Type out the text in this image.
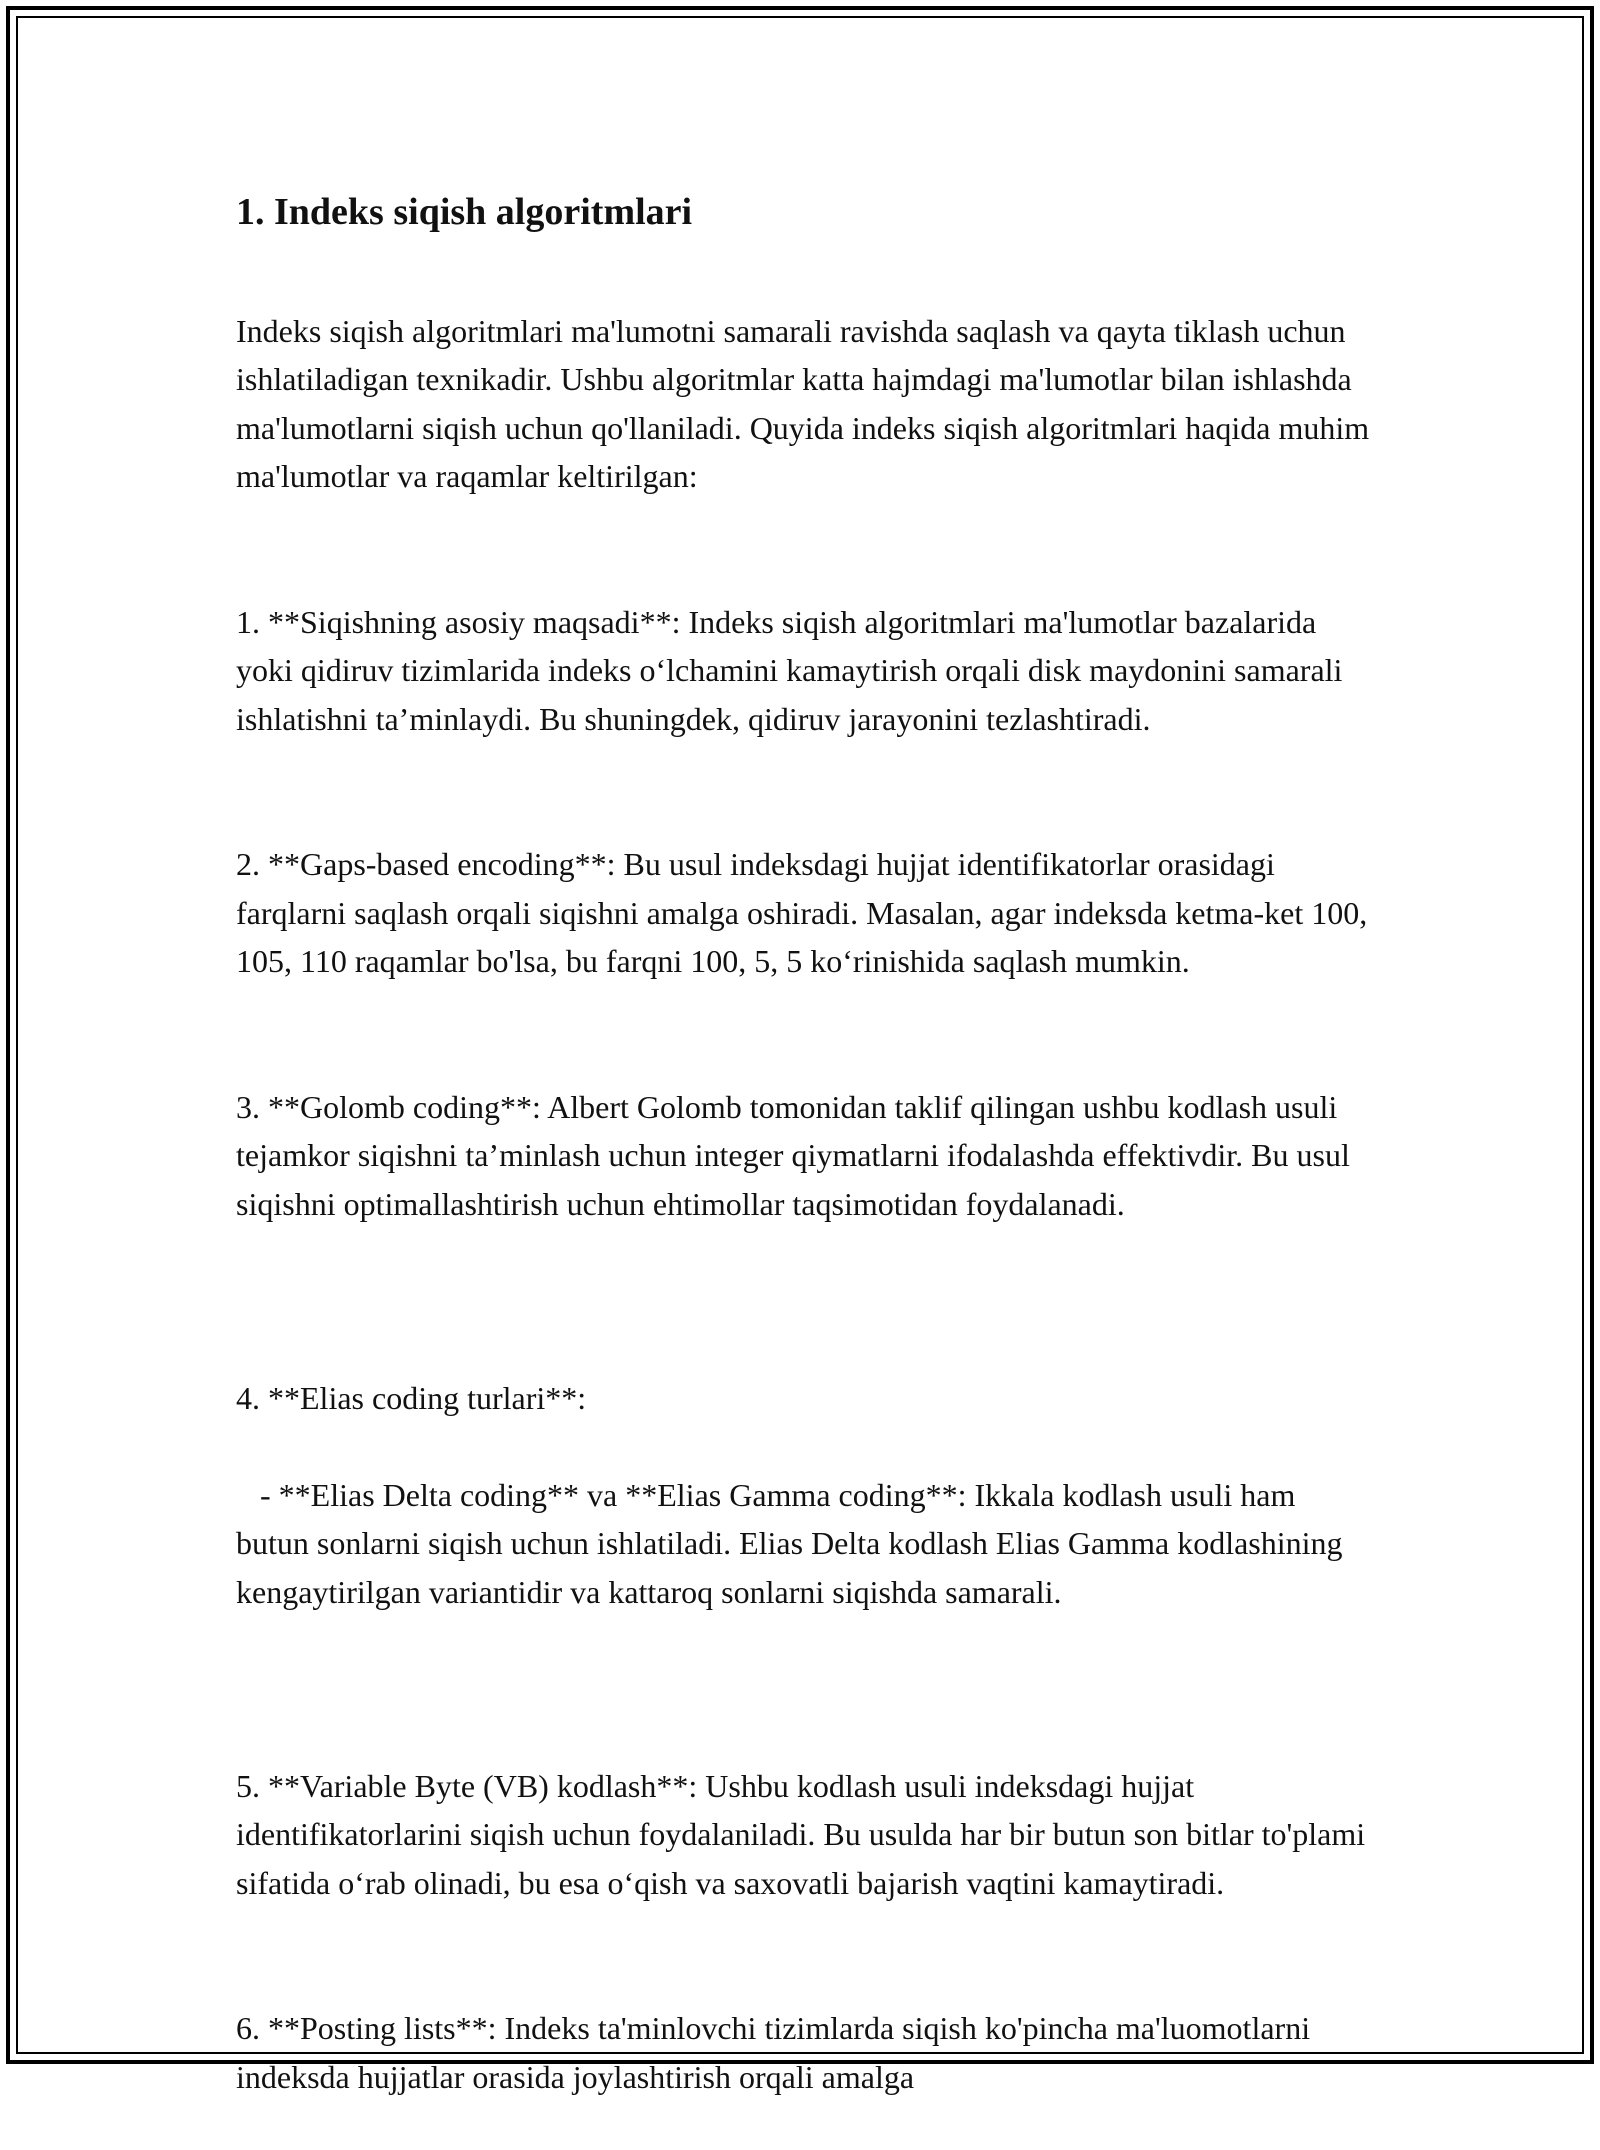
1. Indeks siqish algoritmlari

Indeks siqish algoritmlari ma'lumotni samarali ravishda saqlash va qayta tiklash uchun ishlatiladigan texnikadir. Ushbu algoritmlar katta hajmdagi ma'lumotlar bilan ishlashda ma'lumotlarni siqish uchun qo'llaniladi. Quyida indeks siqish algoritmlari haqida muhim ma'lumotlar va raqamlar keltirilgan:

1. **Siqishning asosiy maqsadi**: Indeks siqish algoritmlari ma'lumotlar bazalarida yoki qidiruv tizimlarida indeks o‘lchamini kamaytirish orqali disk maydonini samarali ishlatishni ta’minlaydi. Bu shuningdek, qidiruv jarayonini tezlashtiradi.

2. **Gaps-based encoding**: Bu usul indeksdagi hujjat identifikatorlar orasidagi farqlarni saqlash orqali siqishni amalga oshiradi. Masalan, agar indeksda ketma-ket 100, 105, 110 raqamlar bo'lsa, bu farqni 100, 5, 5 ko‘rinishida saqlash mumkin.

3. **Golomb coding**: Albert Golomb tomonidan taklif qilingan ushbu kodlash usuli tejamkor siqishni ta’minlash uchun integer qiymatlarni ifodalashda effektivdir. Bu usul siqishni optimallashtirish uchun ehtimollar taqsimotidan foydalanadi.

4. **Elias coding turlari**:

- **Elias Delta coding** va **Elias Gamma coding**: Ikkala kodlash usuli ham butun sonlarni siqish uchun ishlatiladi. Elias Delta kodlash Elias Gamma kodlashining kengaytirilgan variantidir va kattaroq sonlarni siqishda samarali.

5. **Variable Byte (VB) kodlash**: Ushbu kodlash usuli indeksdagi hujjat identifikatorlarini siqish uchun foydalaniladi. Bu usulda har bir butun son bitlar to'plami sifatida o‘rab olinadi, bu esa o‘qish va saxovatli bajarish vaqtini kamaytiradi.

6. **Posting lists**: Indeks ta'minlovchi tizimlarda siqish ko'pincha ma'luomotlarni indeksda hujjatlar orasida joylashtirish orqali amalga
